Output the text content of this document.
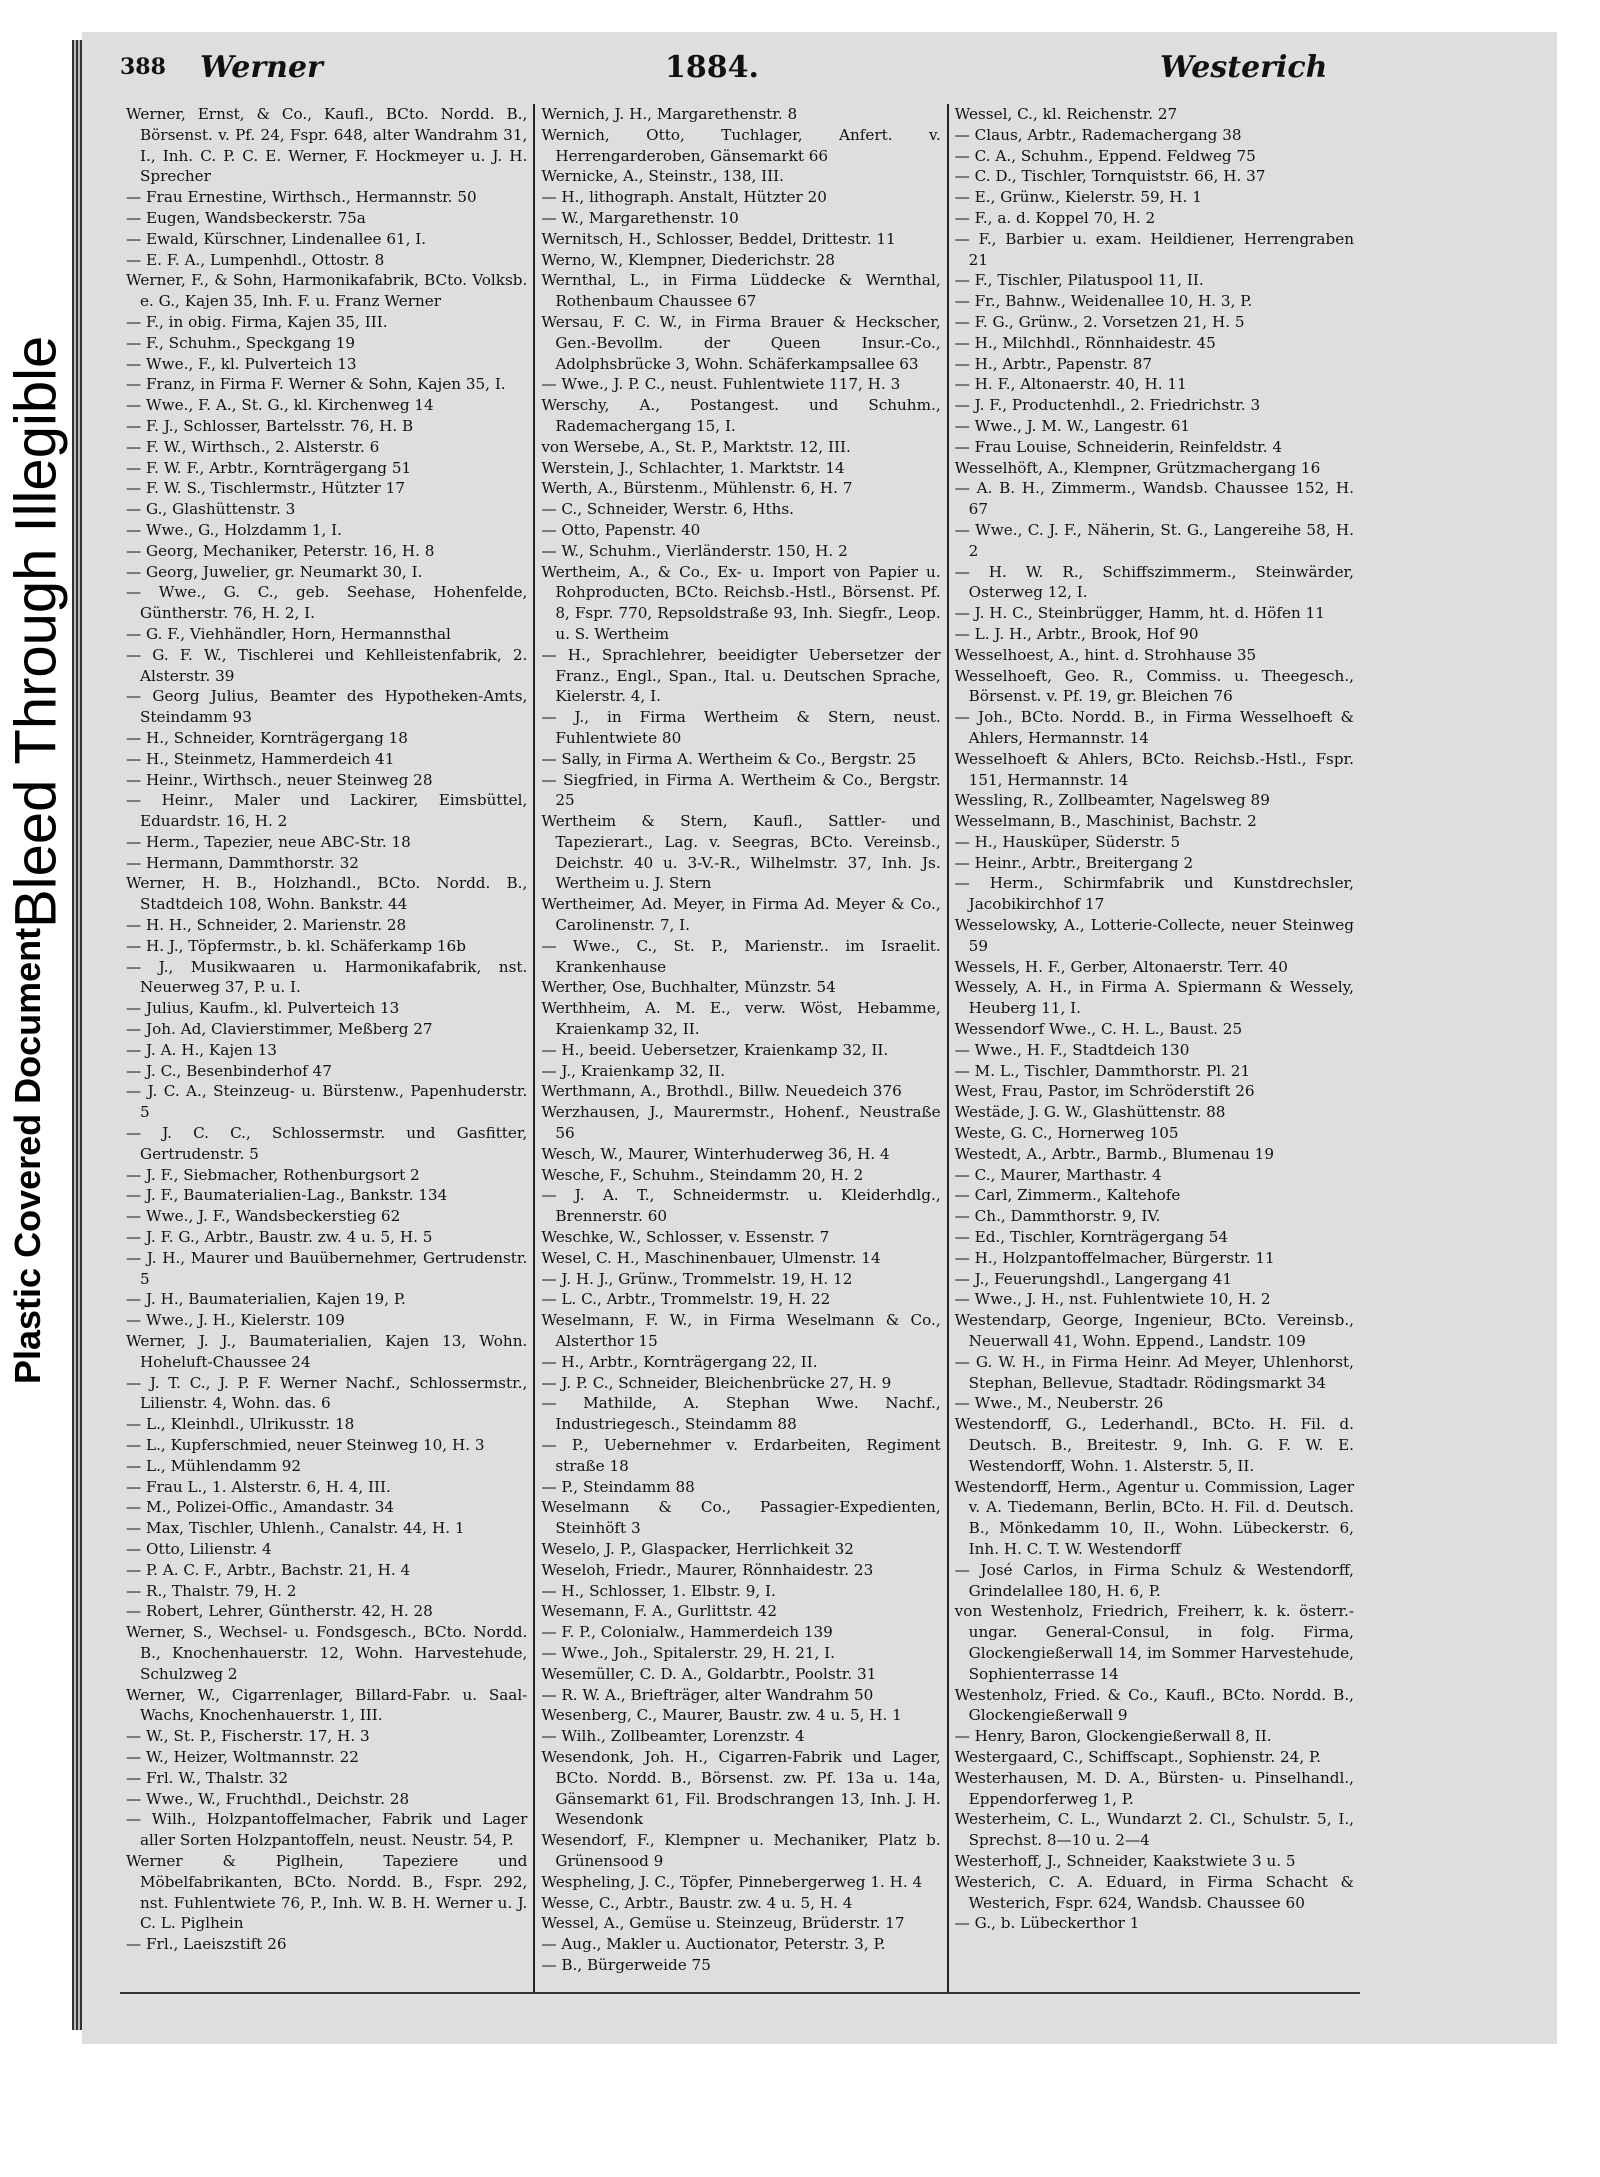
Plastic Covered Document
Bleed Through Illegible
388 Werner	1884.	Westerich

Werner, Ernst, & Co., Kaufl., BCto. Nordd. B., Börsenst. v. Pf. 24, Fspr. 648, alter Wandrahm 31, I., Inh. C. P. C. E. Werner, F. Hockmeyer u. J. H. Sprecher

— Frau Ernestine, Wirthsch., Hermannstr. 50

— Eugen, Wandsbeckerstr. 75a

— Ewald, Kürschner, Lindenallee 61, I.

— E. F. A., Lumpenhdl., Ottostr. 8

Werner, F., & Sohn, Harmonikafabrik, BCto. Volksb. e. G., Kajen 35, Inh. F. u. Franz Werner

— F., in obig. Firma, Kajen 35, III.

— F., Schuhm., Speckgang 19

— Wwe., F., kl. Pulverteich 13

— Franz, in Firma F. Werner & Sohn, Kajen 35, I.

— Wwe., F. A., St. G., kl. Kirchenweg 14

— F. J., Schlosser, Bartelsstr. 76, H. B

— F. W., Wirthsch., 2. Alsterstr. 6

— F. W. F., Arbtr., Kornträgergang 51

— F. W. S., Tischlermstr., Hützter 17

— G., Glashüttenstr. 3

— Wwe., G., Holzdamm 1, I.

— Georg, Mechaniker, Peterstr. 16, H. 8

— Georg, Juwelier, gr. Neumarkt 30, I.

— Wwe., G. C., geb. Seehase, Hohenfelde, Güntherstr. 76, H. 2, I.

— G. F., Viehhändler, Horn, Hermannsthal

— G. F. W., Tischlerei und Kehlleistenfabrik, 2. Alsterstr. 39

— Georg Julius, Beamter des Hypotheken-Amts, Steindamm 93

— H., Schneider, Kornträgergang 18

— H., Steinmetz, Hammerdeich 41

— Heinr., Wirthsch., neuer Steinweg 28

— Heinr., Maler und Lackirer, Eimsbüttel, Eduardstr. 16, H. 2

— Herm., Tapezier, neue ABC-Str. 18

— Hermann, Dammthorstr. 32

Werner, H. B., Holzhandl., BCto. Nordd. B., Stadtdeich 108, Wohn. Bankstr. 44

— H. H., Schneider, 2. Marienstr. 28

— H. J., Töpfermstr., b. kl. Schäferkamp 16b

— J., Musikwaaren u. Harmonikafabrik, nst. Neuerweg 37, P. u. I.

— Julius, Kaufm., kl. Pulverteich 13

— Joh. Ad, Clavierstimmer, Meßberg 27

— J. A. H., Kajen 13

— J. C., Besenbinderhof 47

— J. C. A., Steinzeug- u. Bürstenw., Papenhuderstr. 5

— J. C. C., Schlossermstr. und Gasfitter, Gertrudenstr. 5

— J. F., Siebmacher, Rothenburgsort 2

— J. F., Baumaterialien-Lag., Bankstr. 134

— Wwe., J. F., Wandsbeckerstieg 62

— J. F. G., Arbtr., Baustr. zw. 4 u. 5, H. 5

— J. H., Maurer und Bauübernehmer, Gertrudenstr. 5

— J. H., Baumaterialien, Kajen 19, P.

— Wwe., J. H., Kielerstr. 109

Werner, J. J., Baumaterialien, Kajen 13, Wohn. Hoheluft-Chaussee 24

— J. T. C., J. P. F. Werner Nachf., Schlossermstr., Lilienstr. 4, Wohn. das. 6

— L., Kleinhdl., Ulrikusstr. 18

— L., Kupferschmied, neuer Steinweg 10, H. 3

— L., Mühlendamm 92

— Frau L., 1. Alsterstr. 6, H. 4, III.

— M., Polizei-Offic., Amandastr. 34

— Max, Tischler, Uhlenh., Canalstr. 44, H. 1

— Otto, Lilienstr. 4

— P. A. C. F., Arbtr., Bachstr. 21, H. 4

— R., Thalstr. 79, H. 2

— Robert, Lehrer, Güntherstr. 42, H. 28

Werner, S., Wechsel- u. Fondsgesch., BCto. Nordd. B., Knochenhauerstr. 12, Wohn. Harvestehude, Schulzweg 2

Werner, W., Cigarrenlager, Billard-Fabr. u. Saal-Wachs, Knochenhauerstr. 1, III.

— W., St. P., Fischerstr. 17, H. 3

— W., Heizer, Woltmannstr. 22

— Frl. W., Thalstr. 32

— Wwe., W., Fruchthdl., Deichstr. 28

— Wilh., Holzpantoffelmacher, Fabrik und Lager aller Sorten Holzpantoffeln, neust. Neustr. 54, P.

Werner & Piglhein, Tapeziere und Möbelfabrikanten, BCto. Nordd. B., Fspr. 292, nst. Fuhlentwiete 76, P., Inh. W. B. H. Werner u. J. C. L. Piglhein

— Frl., Laeiszstift 26

Wernich, J. H., Margarethenstr. 8

Wernich, Otto, Tuchlager, Anfert. v. Herrengarderoben, Gänsemarkt 66

Wernicke, A., Steinstr., 138, III.

— H., lithograph. Anstalt, Hützter 20

— W., Margarethenstr. 10

Wernitsch, H., Schlosser, Beddel, Drittestr. 11

Werno, W., Klempner, Diederichstr. 28

Wernthal, L., in Firma Lüddecke & Wernthal, Rothenbaum Chaussee 67

Wersau, F. C. W., in Firma Brauer & Heckscher, Gen.-Bevollm. der Queen Insur.-Co., Adolphsbrücke 3, Wohn. Schäferkampsallee 63

— Wwe., J. P. C., neust. Fuhlentwiete 117, H. 3

Werschy, A., Postangest. und Schuhm., Rademachergang 15, I.

von Wersebe, A., St. P., Marktstr. 12, III.

Werstein, J., Schlachter, 1. Marktstr. 14

Werth, A., Bürstenm., Mühlenstr. 6, H. 7

— C., Schneider, Werstr. 6, Hths.

— Otto, Papenstr. 40

— W., Schuhm., Vierländerstr. 150, H. 2

Wertheim, A., & Co., Ex- u. Import von Papier u. Rohproducten, BCto. Reichsb.-Hstl., Börsenst. Pf. 8, Fspr. 770, Repsoldstraße 93, Inh. Siegfr., Leop. u. S. Wertheim

— H., Sprachlehrer, beeidigter Uebersetzer der Franz., Engl., Span., Ital. u. Deutschen Sprache, Kielerstr. 4, I.

— J., in Firma Wertheim & Stern, neust. Fuhlentwiete 80

— Sally, in Firma A. Wertheim & Co., Bergstr. 25

— Siegfried, in Firma A. Wertheim & Co., Bergstr. 25

Wertheim & Stern, Kaufl., Sattler- und Tapezierart., Lag. v. Seegras, BCto. Vereinsb., Deichstr. 40 u. 3-V.-R., Wilhelmstr. 37, Inh. Js. Wertheim u. J. Stern

Wertheimer, Ad. Meyer, in Firma Ad. Meyer & Co., Carolinenstr. 7, I.

— Wwe., C., St. P., Marienstr.. im Israelit. Krankenhause

Werther, Ose, Buchhalter, Münzstr. 54

Werthheim, A. M. E., verw. Wöst, Hebamme, Kraienkamp 32, II.

— H., beeid. Uebersetzer, Kraienkamp 32, II.

— J., Kraienkamp 32, II.

Werthmann, A., Brothdl., Billw. Neuedeich 376

Werzhausen, J., Maurermstr., Hohenf., Neustraße 56

Wesch, W., Maurer, Winterhuderweg 36, H. 4

Wesche, F., Schuhm., Steindamm 20, H. 2

— J. A. T., Schneidermstr. u. Kleiderhdlg., Brennerstr. 60

Weschke, W., Schlosser, v. Essenstr. 7

Wesel, C. H., Maschinenbauer, Ulmenstr. 14

— J. H. J., Grünw., Trommelstr. 19, H. 12

— L. C., Arbtr., Trommelstr. 19, H. 22

Weselmann, F. W., in Firma Weselmann & Co., Alsterthor 15

— H., Arbtr., Kornträgergang 22, II.

— J. P. C., Schneider, Bleichenbrücke 27, H. 9

— Mathilde, A. Stephan Wwe. Nachf., Industriegesch., Steindamm 88

— P., Uebernehmer v. Erdarbeiten, Regiment straße 18

— P., Steindamm 88

Weselmann & Co., Passagier-Expedienten, Steinhöft 3

Weselo, J. P., Glaspacker, Herrlichkeit 32

Weseloh, Friedr., Maurer, Rönnhaidestr. 23

— H., Schlosser, 1. Elbstr. 9, I.

Wesemann, F. A., Gurlittstr. 42

— F. P., Colonialw., Hammerdeich 139

— Wwe., Joh., Spitalerstr. 29, H. 21, I.

Wesemüller, C. D. A., Goldarbtr., Poolstr. 31

— R. W. A., Briefträger, alter Wandrahm 50

Wesenberg, C., Maurer, Baustr. zw. 4 u. 5, H. 1

— Wilh., Zollbeamter, Lorenzstr. 4

Wesendonk, Joh. H., Cigarren-Fabrik und Lager, BCto. Nordd. B., Börsenst. zw. Pf. 13a u. 14a, Gänsemarkt 61, Fil. Brodschrangen 13, Inh. J. H. Wesendonk

Wesendorf, F., Klempner u. Mechaniker, Platz b. Grünensood 9

Wespheling, J. C., Töpfer, Pinnebergerweg 1. H. 4

Wesse, C., Arbtr., Baustr. zw. 4 u. 5, H. 4

Wessel, A., Gemüse u. Steinzeug, Brüderstr. 17

— Aug., Makler u. Auctionator, Peterstr. 3, P.

— B., Bürgerweide 75

Wessel, C., kl. Reichenstr. 27

— Claus, Arbtr., Rademachergang 38

— C. A., Schuhm., Eppend. Feldweg 75

— C. D., Tischler, Tornquiststr. 66, H. 37

— E., Grünw., Kielerstr. 59, H. 1

— F., a. d. Koppel 70, H. 2

— F., Barbier u. exam. Heildiener, Herrengraben 21

— F., Tischler, Pilatuspool 11, II.

— Fr., Bahnw., Weidenallee 10, H. 3, P.

— F. G., Grünw., 2. Vorsetzen 21, H. 5

— H., Milchhdl., Rönnhaidestr. 45

— H., Arbtr., Papenstr. 87

— H. F., Altonaerstr. 40, H. 11

— J. F., Productenhdl., 2. Friedrichstr. 3

— Wwe., J. M. W., Langestr. 61

— Frau Louise, Schneiderin, Reinfeldstr. 4

Wesselhöft, A., Klempner, Grützmachergang 16

— A. B. H., Zimmerm., Wandsb. Chaussee 152, H. 67

— Wwe., C. J. F., Näherin, St. G., Langereihe 58, H. 2

— H. W. R., Schiffszimmerm., Steinwärder, Osterweg 12, I.

— J. H. C., Steinbrügger, Hamm, ht. d. Höfen 11

— L. J. H., Arbtr., Brook, Hof 90

Wesselhoest, A., hint. d. Strohhause 35

Wesselhoeft, Geo. R., Commiss. u. Theegesch., Börsenst. v. Pf. 19, gr. Bleichen 76

— Joh., BCto. Nordd. B., in Firma Wesselhoeft & Ahlers, Hermannstr. 14

Wesselhoeft & Ahlers, BCto. Reichsb.-Hstl., Fspr. 151, Hermannstr. 14

Wessling, R., Zollbeamter, Nagelsweg 89

Wesselmann, B., Maschinist, Bachstr. 2

— H., Hausküper, Süderstr. 5

— Heinr., Arbtr., Breitergang 2

— Herm., Schirmfabrik und Kunstdrechsler, Jacobikirchhof 17

Wesselowsky, A., Lotterie-Collecte, neuer Steinweg 59

Wessels, H. F., Gerber, Altonaerstr. Terr. 40

Wessely, A. H., in Firma A. Spiermann & Wessely, Heuberg 11, I.

Wessendorf Wwe., C. H. L., Baust. 25

— Wwe., H. F., Stadtdeich 130

— M. L., Tischler, Dammthorstr. Pl. 21

West, Frau, Pastor, im Schröderstift 26

Westäde, J. G. W., Glashüttenstr. 88

Weste, G. C., Hornerweg 105

Westedt, A., Arbtr., Barmb., Blumenau 19

— C., Maurer, Marthastr. 4

— Carl, Zimmerm., Kaltehofe

— Ch., Dammthorstr. 9, IV.

— Ed., Tischler, Kornträgergang 54

— H., Holzpantoffelmacher, Bürgerstr. 11

— J., Feuerungshdl., Langergang 41

— Wwe., J. H., nst. Fuhlentwiete 10, H. 2

Westendarp, George, Ingenieur, BCto. Vereinsb., Neuerwall 41, Wohn. Eppend., Landstr. 109

— G. W. H., in Firma Heinr. Ad Meyer, Uhlenhorst, Stephan, Bellevue, Stadtadr. Rödingsmarkt 34

— Wwe., M., Neuberstr. 26

Westendorff, G., Lederhandl., BCto. H. Fil. d. Deutsch. B., Breitestr. 9, Inh. G. F. W. E. Westendorff, Wohn. 1. Alsterstr. 5, II.

Westendorff, Herm., Agentur u. Commission, Lager v. A. Tiedemann, Berlin, BCto. H. Fil. d. Deutsch. B., Mönkedamm 10, II., Wohn. Lübeckerstr. 6, Inh. H. C. T. W. Westendorff

— José Carlos, in Firma Schulz & Westendorff, Grindelallee 180, H. 6, P.

von Westenholz, Friedrich, Freiherr, k. k. österr.-ungar. General-Consul, in folg. Firma, Glockengießerwall 14, im Sommer Harvestehude, Sophienterrasse 14

Westenholz, Fried. & Co., Kaufl., BCto. Nordd. B., Glockengießerwall 9

— Henry, Baron, Glockengießerwall 8, II.

Westergaard, C., Schiffscapt., Sophienstr. 24, P.

Westerhausen, M. D. A., Bürsten- u. Pinselhandl., Eppendorferweg 1, P.

Westerheim, C. L., Wundarzt 2. Cl., Schulstr. 5, I., Sprechst. 8—10 u. 2—4

Westerhoff, J., Schneider, Kaakstwiete 3 u. 5

Westerich, C. A. Eduard, in Firma Schacht & Westerich, Fspr. 624, Wandsb. Chaussee 60

— G., b. Lübeckerthor 1
